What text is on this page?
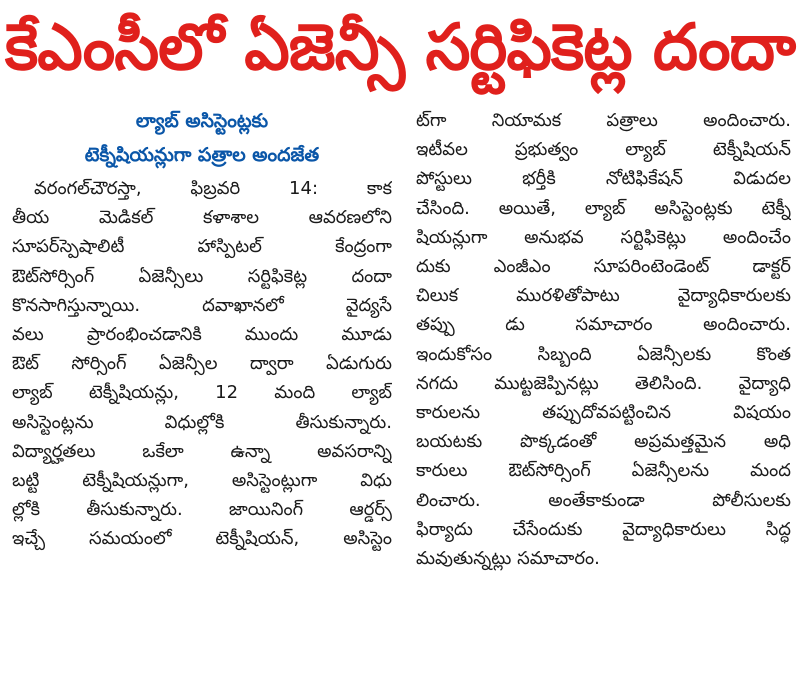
కేఎంసీలో ఏజెన్సీ సర్టిఫికెట్ల దందా
ల్యాబ్ అసిస్టెంట్లకు
టెక్నీషియన్లుగా పత్రాల అందజేత
వరంగల్‌చౌరస్తా, ఫిబ్రవరి 14: కాక
తీయ మెడికల్ కళాశాల ఆవరణలోని
సూపర్‌స్పెషాలిటీ హాస్పిటల్ కేంద్రంగా
ఔట్‌సోర్సింగ్ ఏజెన్సీలు సర్టిఫికెట్ల దందా
కొనసాగిస్తున్నాయి. దవాఖానలో వైద్యసే
వలు ప్రారంభించడానికి ముందు మూడు
ఔట్ సోర్సింగ్ ఏజెన్సీల ద్వారా ఏడుగురు
ల్యాబ్ టెక్నీషియన్లు, 12 మంది ల్యాబ్
అసిస్టెంట్లను విధుల్లోకి తీసుకున్నారు.
విద్యార్హతలు ఒకేలా ఉన్నా అవసరాన్ని
బట్టి టెక్నీషియన్లుగా, అసిస్టెంట్లుగా విధు
ల్లోకి తీసుకున్నారు. జాయినింగ్ ఆర్డర్స్
ఇచ్చే సమయంలో టెక్నీషియన్, అసిస్టెం
ట్‌గా నియామక పత్రాలు అందించారు.
ఇటీవల ప్రభుత్వం ల్యాబ్ టెక్నీషియన్
పోస్టులు భర్తీకి నోటిఫికేషన్ విడుదల
చేసింది. అయితే, ల్యాబ్ అసిస్టెంట్లకు టెక్నీ
షియన్లుగా అనుభవ సర్టిఫికెట్లు అందించేం
దుకు ఎంజీఎం సూపరింటెండెంట్ డాక్టర్
చిలుక మురళితోపాటు వైద్యాధికారులకు
తప్పు డు సమాచారం అందించారు.
ఇందుకోసం సిబ్బంది ఏజెన్సీలకు కొంత
నగదు ముట్టజెప్పినట్లు తెలిసింది. వైద్యాధి
కారులను తప్పుదోవపట్టించిన విషయం
బయటకు పొక్కడంతో అప్రమత్తమైన అధి
కారులు ఔట్‌సోర్సింగ్ ఏజెన్సీలను మంద
లించారు. అంతేకాకుండా పోలీసులకు
ఫిర్యాదు చేసేందుకు వైద్యాధికారులు సిద్ధ
మవుతున్నట్లు సమాచారం.
